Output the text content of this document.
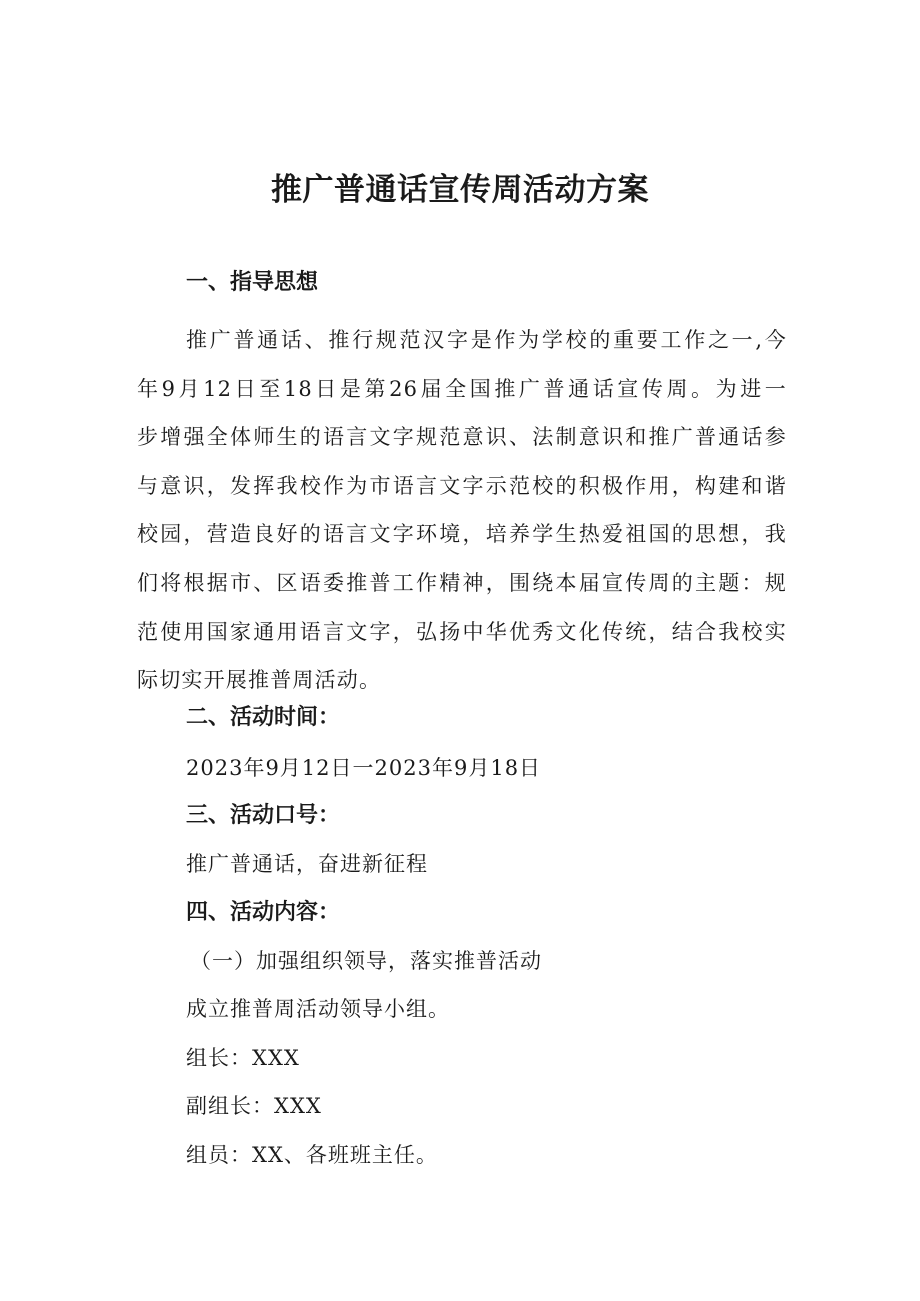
推广普通话宣传周活动方案
一、指导思想
推广普通话、推行规范汉字是作为学校的重要工作之一,今
年9月12日至18日是第26届全国推广普通话宣传周。为进一
步增强全体师生的语言文字规范意识、法制意识和推广普通话参
与意识，发挥我校作为市语言文字示范校的积极作用，构建和谐
校园，营造良好的语言文字环境，培养学生热爱祖国的思想，我
们将根据市、区语委推普工作精神，围绕本届宣传周的主题：规
范使用国家通用语言文字，弘扬中华优秀文化传统，结合我校实
际切实开展推普周活动。
二、活动时间：
2023年9月12日一2023年9月18日
三、活动口号：
推广普通话，奋进新征程
四、活动内容：
（一）加强组织领导，落实推普活动
成立推普周活动领导小组。
组长：XXX
副组长：XXX
组员：XX、各班班主任。
